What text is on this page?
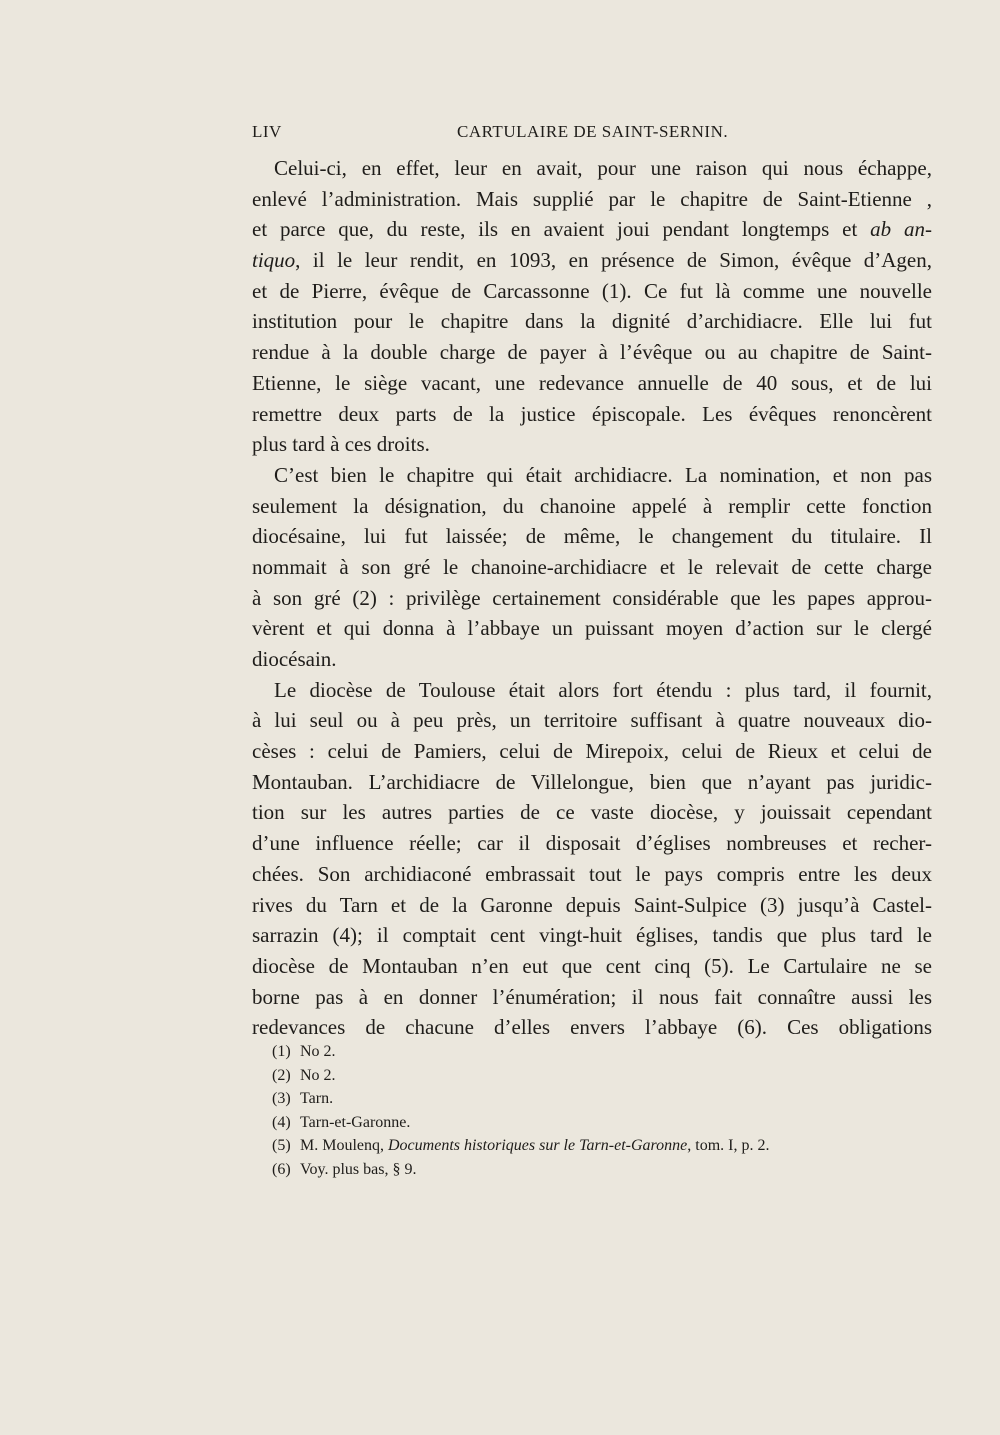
LIV	CARTULAIRE DE SAINT-SERNIN.
Celui-ci, en effet, leur en avait, pour une raison qui nous échappe,
enlevé l’administration. Mais supplié par le chapitre de Saint-Etienne ,
et parce que, du reste, ils en avaient joui pendant longtemps et ab an-
tiquo, il le leur rendit, en 1093, en présence de Simon, évêque d’Agen,
et de Pierre, évêque de Carcassonne (1). Ce fut là comme une nouvelle
institution pour le chapitre dans la dignité d’archidiacre. Elle lui fut
rendue à la double charge de payer à l’évêque ou au chapitre de Saint-
Etienne, le siège vacant, une redevance annuelle de 40 sous, et de lui
remettre deux parts de la justice épiscopale. Les évêques renoncèrent
plus tard à ces droits.
C’est bien le chapitre qui était archidiacre. La nomination, et non pas
seulement la désignation, du chanoine appelé à remplir cette fonction
diocésaine, lui fut laissée; de même, le changement du titulaire. Il
nommait à son gré le chanoine-archidiacre et le relevait de cette charge
à son gré (2) : privilège certainement considérable que les papes approu-
vèrent et qui donna à l’abbaye un puissant moyen d’action sur le clergé
diocésain.
Le diocèse de Toulouse était alors fort étendu : plus tard, il fournit,
à lui seul ou à peu près, un territoire suffisant à quatre nouveaux dio-
cèses : celui de Pamiers, celui de Mirepoix, celui de Rieux et celui de
Montauban. L’archidiacre de Villelongue, bien que n’ayant pas juridic-
tion sur les autres parties de ce vaste diocèse, y jouissait cependant
d’une influence réelle; car il disposait d’églises nombreuses et recher-
chées. Son archidiaconé embrassait tout le pays compris entre les deux
rives du Tarn et de la Garonne depuis Saint-Sulpice (3) jusqu’à Castel-
sarrazin (4); il comptait cent vingt-huit églises, tandis que plus tard le
diocèse de Montauban n’en eut que cent cinq (5). Le Cartulaire ne se
borne pas à en donner l’énumération; il nous fait connaître aussi les
redevances de chacune d’elles envers l’abbaye (6). Ces obligations
(1) No 2.
(2) No 2.
(3) Tarn.
(4) Tarn-et-Garonne.
(5) M. Moulenq, Documents historiques sur le Tarn-et-Garonne, tom. I, p. 2.
(6) Voy. plus bas, § 9.
